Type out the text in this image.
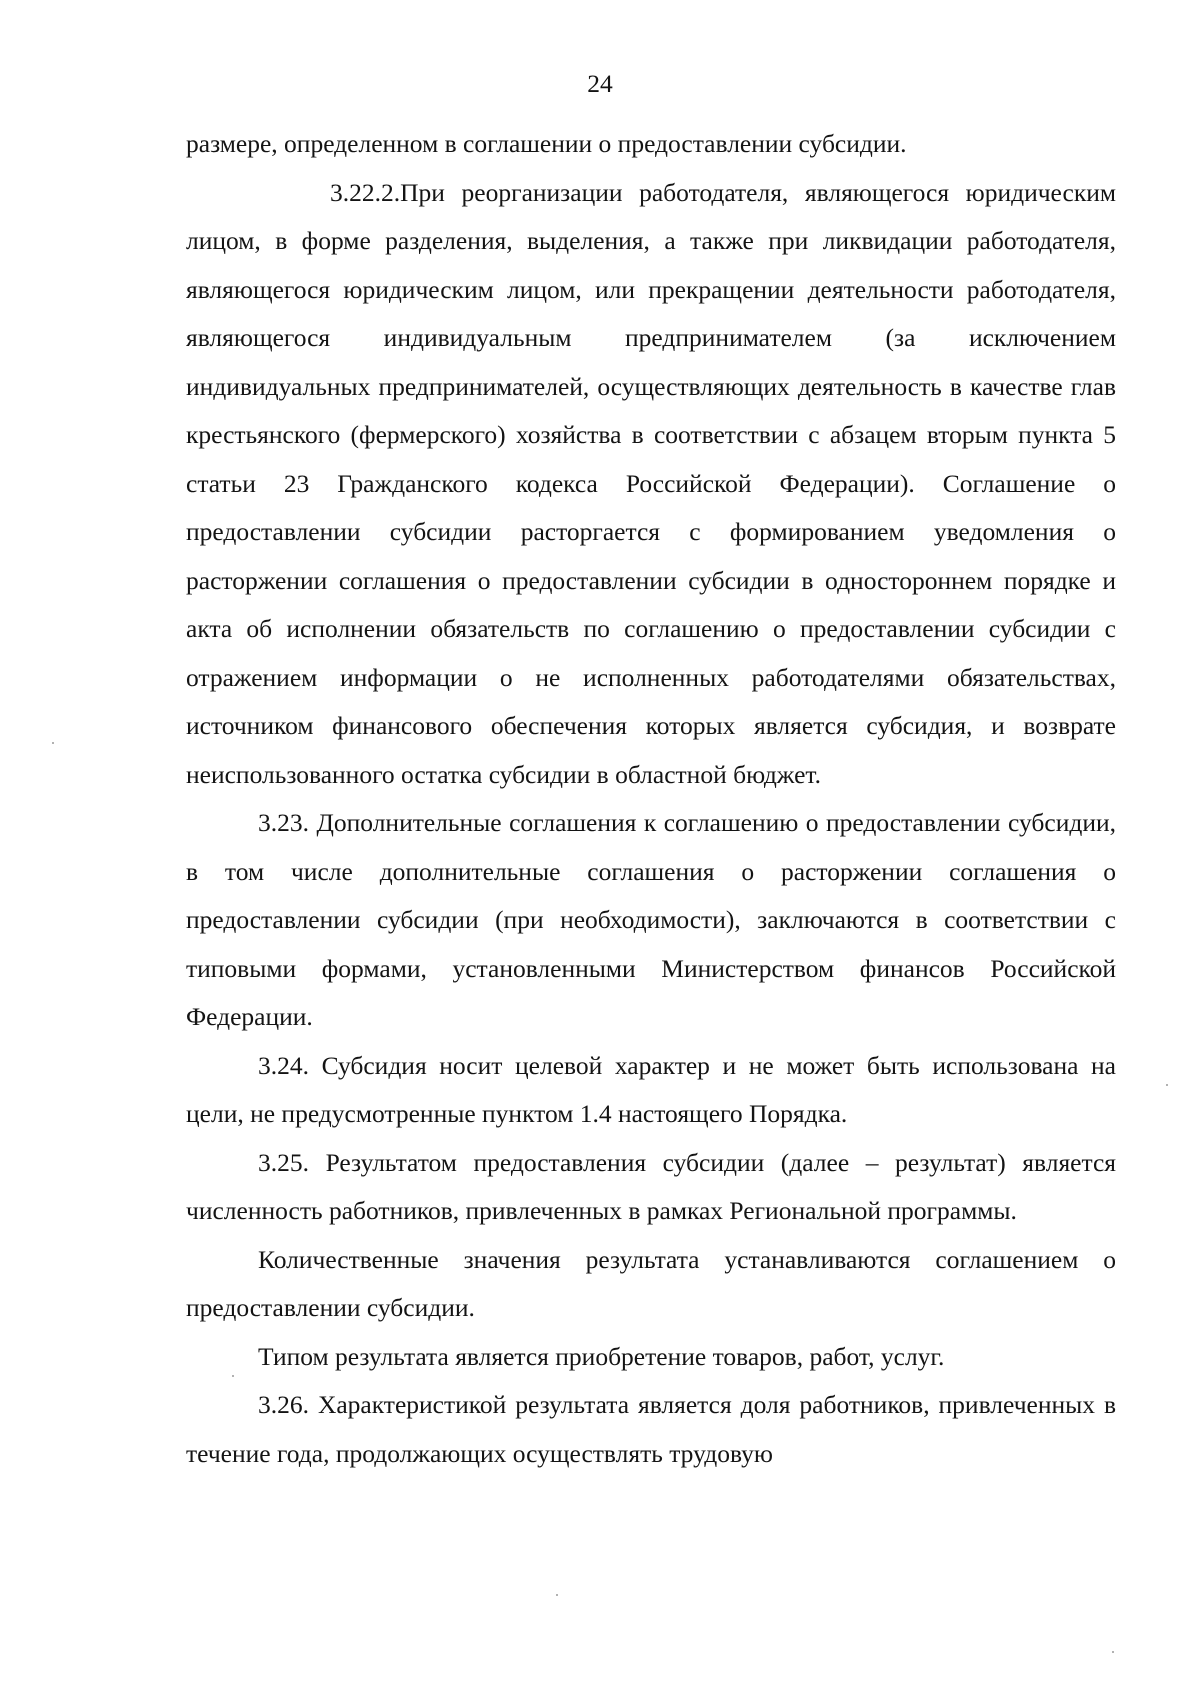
24

размере, определенном в соглашении о предоставлении субсидии.

3.22.2.При реорганизации работодателя, являющегося юридическим лицом, в форме разделения, выделения, а также при ликвидации работодателя, являющегося юридическим лицом, или прекращении деятельности работодателя, являющегося индивидуальным предпринимателем (за исключением индивидуальных предпринимателей, осуществляющих деятельность в качестве глав крестьянского (фермерского) хозяйства в соответствии с абзацем вторым пункта 5 статьи 23 Гражданского кодекса Российской Федерации). Соглашение о предоставлении субсидии расторгается с формированием уведомления о расторжении соглашения о предоставлении субсидии в одностороннем порядке и акта об исполнении обязательств по соглашению о предоставлении субсидии с отражением информации о не исполненных работодателями обязательствах, источником финансового обеспечения которых является субсидия, и возврате неиспользованного остатка субсидии в областной бюджет.

3.23. Дополнительные соглашения к соглашению о предоставлении субсидии, в том числе дополнительные соглашения о расторжении соглашения о предоставлении субсидии (при необходимости), заключаются в соответствии с типовыми формами, установленными Министерством финансов Российской Федерации.

3.24. Субсидия носит целевой характер и не может быть использована на цели, не предусмотренные пунктом 1.4 настоящего Порядка.

3.25. Результатом предоставления субсидии (далее – результат) является численность работников, привлеченных в рамках Региональной программы.

Количественные значения результата устанавливаются соглашением о предоставлении субсидии.

Типом результата является приобретение товаров, работ, услуг.

3.26. Характеристикой результата является доля работников, привлеченных в течение года, продолжающих осуществлять трудовую
